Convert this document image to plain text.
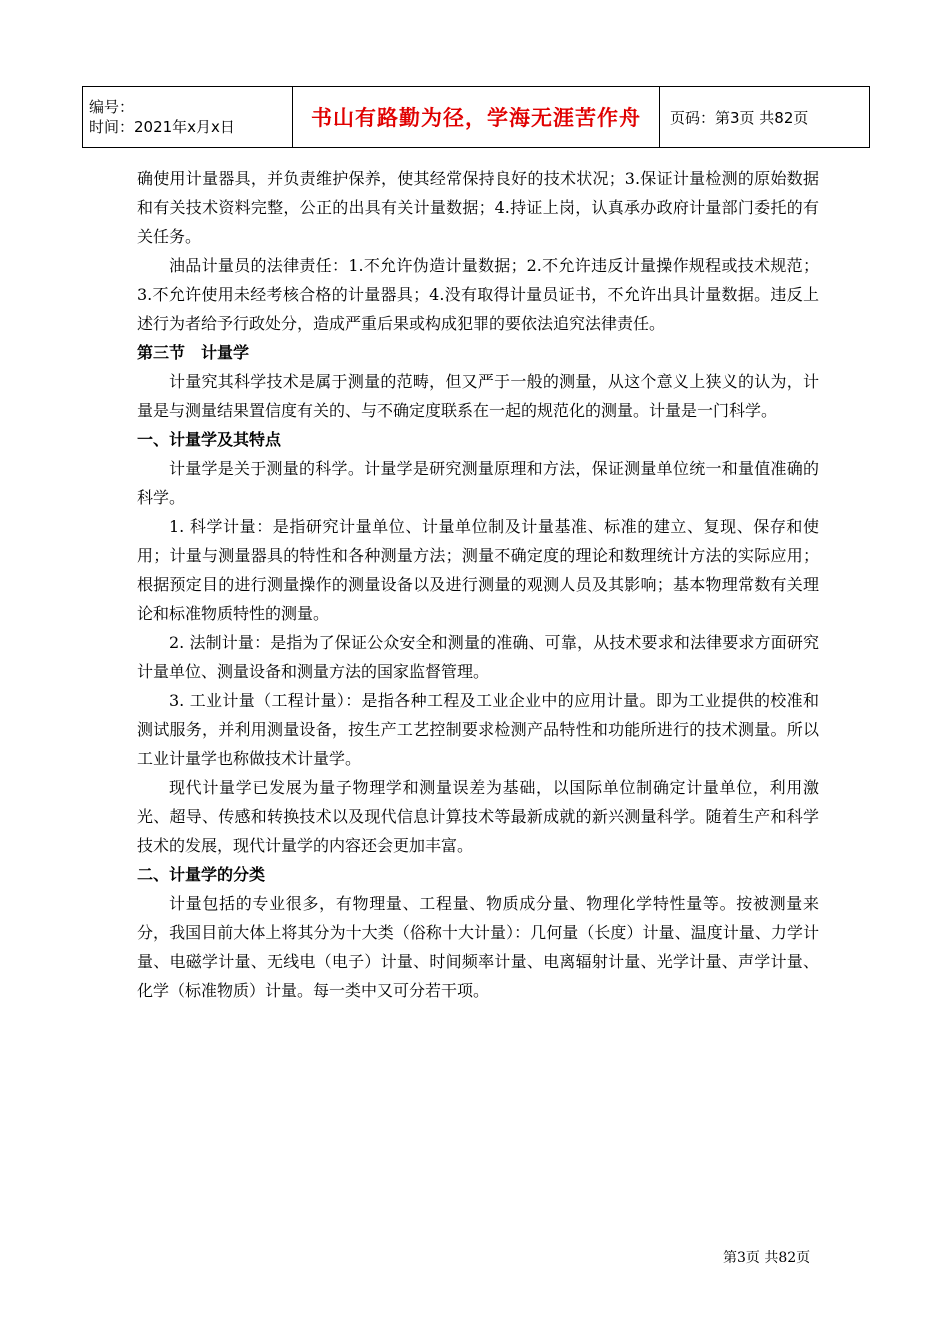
编号：
时间：2021年x月x日	书山有路勤为径，学海无涯苦作舟	页码：第3页 共82页

确使用计量器具，并负责维护保养，使其经常保持良好的技术状况；3.保证计量检测的原始数据和有关技术资料完整，公正的出具有关计量数据；4.持证上岗，认真承办政府计量部门委托的有关任务。

油品计量员的法律责任：1.不允许伪造计量数据；2.不允许违反计量操作规程或技术规范；3.不允许使用未经考核合格的计量器具；4.没有取得计量员证书，不允许出具计量数据。违反上述行为者给予行政处分，造成严重后果或构成犯罪的要依法追究法律责任。

第三节　计量学

计量究其科学技术是属于测量的范畴，但又严于一般的测量，从这个意义上狭义的认为，计量是与测量结果置信度有关的、与不确定度联系在一起的规范化的测量。计量是一门科学。

一、计量学及其特点

计量学是关于测量的科学。计量学是研究测量原理和方法，保证测量单位统一和量值准确的科学。

1. 科学计量：是指研究计量单位、计量单位制及计量基准、标准的建立、复现、保存和使用；计量与测量器具的特性和各种测量方法；测量不确定度的理论和数理统计方法的实际应用；根据预定目的进行测量操作的测量设备以及进行测量的观测人员及其影响；基本物理常数有关理论和标准物质特性的测量。

2. 法制计量：是指为了保证公众安全和测量的准确、可靠，从技术要求和法律要求方面研究计量单位、测量设备和测量方法的国家监督管理。

3. 工业计量（工程计量）：是指各种工程及工业企业中的应用计量。即为工业提供的校准和测试服务，并利用测量设备，按生产工艺控制要求检测产品特性和功能所进行的技术测量。所以工业计量学也称做技术计量学。

现代计量学已发展为量子物理学和测量误差为基础，以国际单位制确定计量单位，利用激光、超导、传感和转换技术以及现代信息计算技术等最新成就的新兴测量科学。随着生产和科学技术的发展，现代计量学的内容还会更加丰富。

二、计量学的分类

计量包括的专业很多，有物理量、工程量、物质成分量、物理化学特性量等。按被测量来分，我国目前大体上将其分为十大类（俗称十大计量）：几何量（长度）计量、温度计量、力学计量、电磁学计量、无线电（电子）计量、时间频率计量、电离辐射计量、光学计量、声学计量、化学（标准物质）计量。每一类中又可分若干项。

第3页 共82页
